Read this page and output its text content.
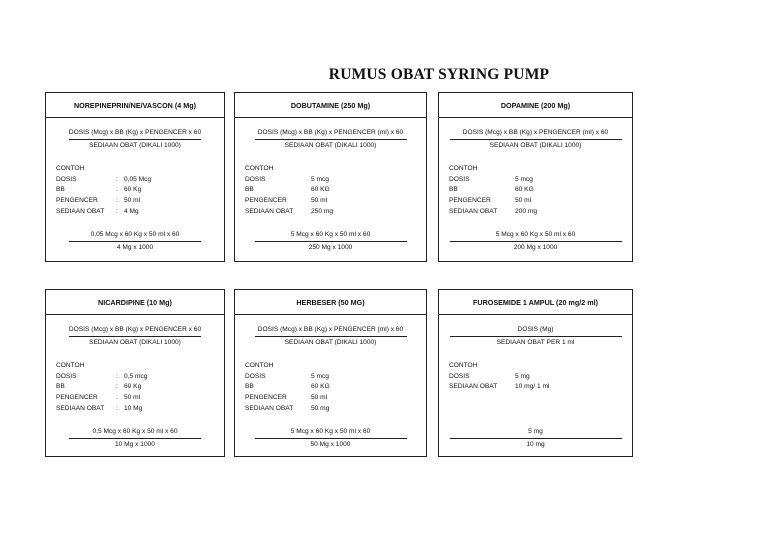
RUMUS OBAT SYRING PUMP
NOREPINEPRIN/NE/VASCON (4 Mg)
DOSIS (Mcg) x BB (Kg) x PENGENCER x 60
SEDIAAN OBAT (DIKALI 1000)
CONTOH
DOSIS	: 0,05 Mcg
BB	: 60 Kg
PENGENCER	: 50 ml
SEDIAAN OBAT	: 4 Mg
0,05 Mcg x 60 Kg x 50 ml x 60
4 Mg x 1000
DOBUTAMINE (250 Mg)
DOSIS (Mcg) x BB (Kg) x PENGENCER (ml) x 60
SEDIAAN OBAT (DIKALI 1000)
CONTOH
DOSIS	5 mcg
BB	60 KG
PENGENCER	50 ml
SEDIAAN OBAT	250 mg
5 Mcg x 60 Kg x 50 ml x 60
250 Mg x 1000
DOPAMINE (200 Mg)
DOSIS (Mcg) x BB (Kg) x PENGENCER (ml) x 60
SEDIAAN OBAT (DIKALI 1000)
CONTOH
DOSIS	5 mcg
BB	60 KG
PENGENCER	50 ml
SEDIAAN OBAT	200 mg
5 Mcg x 60 Kg x 50 ml x 60
200 Mg x 1000
NICARDIPINE (10 Mg)
DOSIS (Mcg) x BB (Kg) x PENGENCER x 60
SEDIAAN OBAT (DIKALI 1000)
CONTOH
DOSIS	: 0,5 mcg
BB	: 60 Kg
PENGENCER	: 50 ml
SEDIAAN OBAT	: 10 Mg
0,5 Mcg x 60 Kg x 50 ml x 60
10 Mg x 1000
HERBESER (50 MG)
DOSIS (Mcg) x BB (Kg) x PENGENCER (ml) x 60
SEDIAAN OBAT (DIKALI 1000)
CONTOH
DOSIS	5 mcg
BB	60 KG
PENGENCER	50 ml
SEDIAAN OBAT	50 mg
5 Mcg x 60 Kg x 50 ml x 60
50 Mg x 1000
FUROSEMIDE 1 AMPUL (20 mg/2 ml)
DOSIS (Mg)
SEDIAAN OBAT PER 1 ml
CONTOH
DOSIS	5 mg
SEDIAAN OBAT	10 mg/ 1 ml
5 mg
10 mg
